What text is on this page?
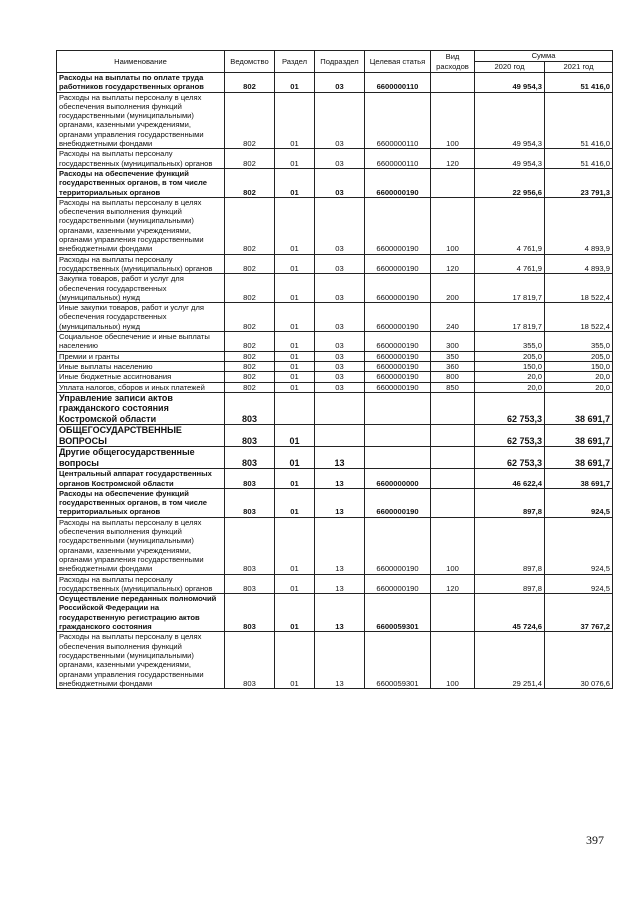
Наименование	Ведомство	Раздел	Подраздел	Целевая статья	Вид расходов	Сумма	
						2020 год	2021 год
Расходы на выплаты по оплате труда работников государственных органов	802	01	03	6600000110		49 954,3	51 416,0
Расходы на выплаты персоналу в целях обеспечения выполнения функций государственными (муниципальными) органами, казенными учреждениями, органами управления государственными внебюджетными фондами	802	01	03	6600000110	100	49 954,3	51 416,0
Расходы на выплаты персоналу государственных (муниципальных) органов	802	01	03	6600000110	120	49 954,3	51 416,0
Расходы на обеспечение функций государственных органов, в том числе территориальных органов	802	01	03	6600000190		22 956,6	23 791,3
Расходы на выплаты персоналу в целях обеспечения выполнения функций государственными (муниципальными) органами, казенными учреждениями, органами управления государственными внебюджетными фондами	802	01	03	6600000190	100	4 761,9	4 893,9
Расходы на выплаты персоналу государственных (муниципальных) органов	802	01	03	6600000190	120	4 761,9	4 893,9
Закупка товаров, работ и услуг для обеспечения государственных (муниципальных) нужд	802	01	03	6600000190	200	17 819,7	18 522,4
Иные закупки товаров, работ и услуг для обеспечения государственных (муниципальных) нужд	802	01	03	6600000190	240	17 819,7	18 522,4
Социальное обеспечение и иные выплаты населению	802	01	03	6600000190	300	355,0	355,0
Премии и гранты	802	01	03	6600000190	350	205,0	205,0
Иные выплаты населению	802	01	03	6600000190	360	150,0	150,0
Иные бюджетные ассигнования	802	01	03	6600000190	800	20,0	20,0
Уплата налогов, сборов и иных платежей	802	01	03	6600000190	850	20,0	20,0
Управление записи актов гражданского состояния Костромской области	803					62 753,3	38 691,7
ОБЩЕГОСУДАРСТВЕННЫЕ ВОПРОСЫ	803	01				62 753,3	38 691,7
Другие общегосударственные вопросы	803	01	13			62 753,3	38 691,7
Центральный аппарат государственных органов Костромской области	803	01	13	6600000000		46 622,4	38 691,7
Расходы на обеспечение функций государственных органов, в том числе территориальных органов	803	01	13	6600000190		897,8	924,5
Расходы на выплаты персоналу в целях обеспечения выполнения функций государственными (муниципальными) органами, казенными учреждениями, органами управления государственными внебюджетными фондами	803	01	13	6600000190	100	897,8	924,5
Расходы на выплаты персоналу государственных (муниципальных) органов	803	01	13	6600000190	120	897,8	924,5
Осуществление переданных полномочий Российской Федерации на государственную регистрацию актов гражданского состояния	803	01	13	6600059301		45 724,6	37 767,2
Расходы на выплаты персоналу в целях обеспечения выполнения функций государственными (муниципальными) органами, казенными учреждениями, органами управления государственными внебюджетными фондами	803	01	13	6600059301	100	29 251,4	30 076,6
397
